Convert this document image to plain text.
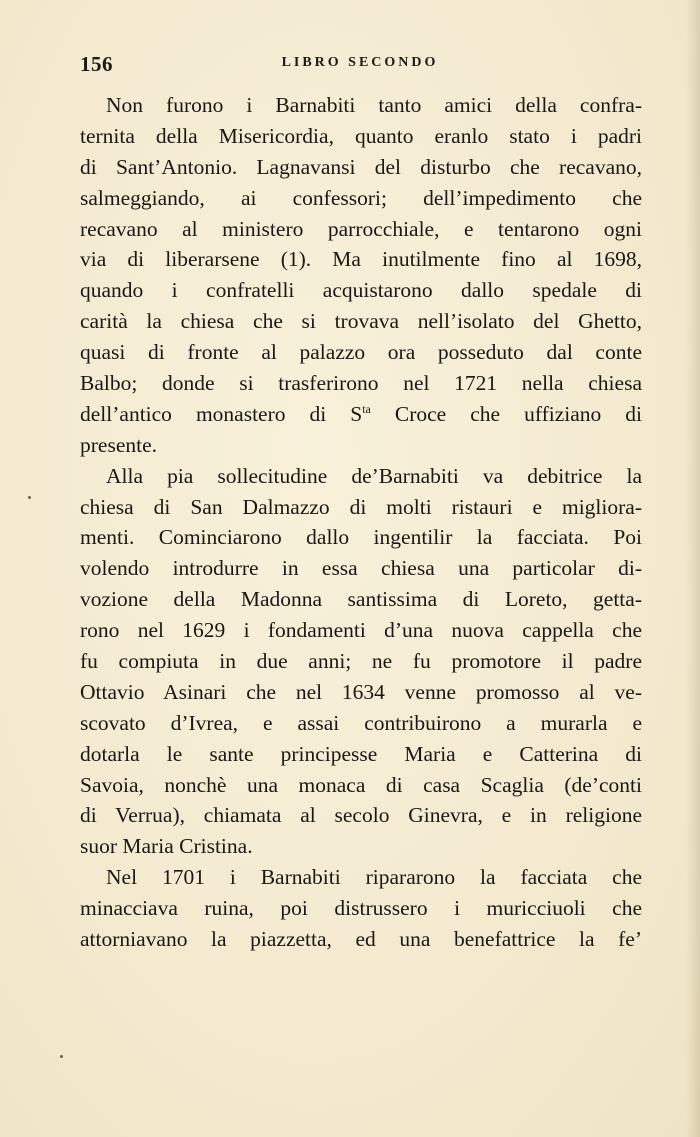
156	LIBRO SECONDO
Non furono i Barnabiti tanto amici della confra-
ternita della Misericordia, quanto eranlo stato i padri
di Sant’Antonio. Lagnavansi del disturbo che recavano,
salmeggiando, ai confessori; dell’impedimento che
recavano al ministero parrocchiale, e tentarono ogni
via di liberarsene (1). Ma inutilmente fino al 1698,
quando i confratelli acquistarono dallo spedale di
carità la chiesa che si trovava nell’isolato del Ghetto,
quasi di fronte al palazzo ora posseduto dal conte
Balbo; donde si trasferirono nel 1721 nella chiesa
dell’antico monastero di $S^{ta}$ Croce che uffiziano di
presente.
Alla pia sollecitudine de’Barnabiti va debitrice la
chiesa di San Dalmazzo di molti ristauri e migliora-
menti. Cominciarono dallo ingentilir la facciata. Poi
volendo introdurre in essa chiesa una particolar di-
vozione della Madonna santissima di Loreto, getta-
rono nel 1629 i fondamenti d’una nuova cappella che
fu compiuta in due anni; ne fu promotore il padre
Ottavio Asinari che nel 1634 venne promosso al ve-
scovato d’Ivrea, e assai contribuirono a murarla e
dotarla le sante principesse Maria e Catterina di
Savoia, nonchè una monaca di casa Scaglia (de’conti
di Verrua), chiamata al secolo Ginevra, e in religione
suor Maria Cristina.
Nel 1701 i Barnabiti ripararono la facciata che
minacciava ruina, poi distrussero i muricciuoli che
attorniavano la piazzetta, ed una benefattrice la fe’
